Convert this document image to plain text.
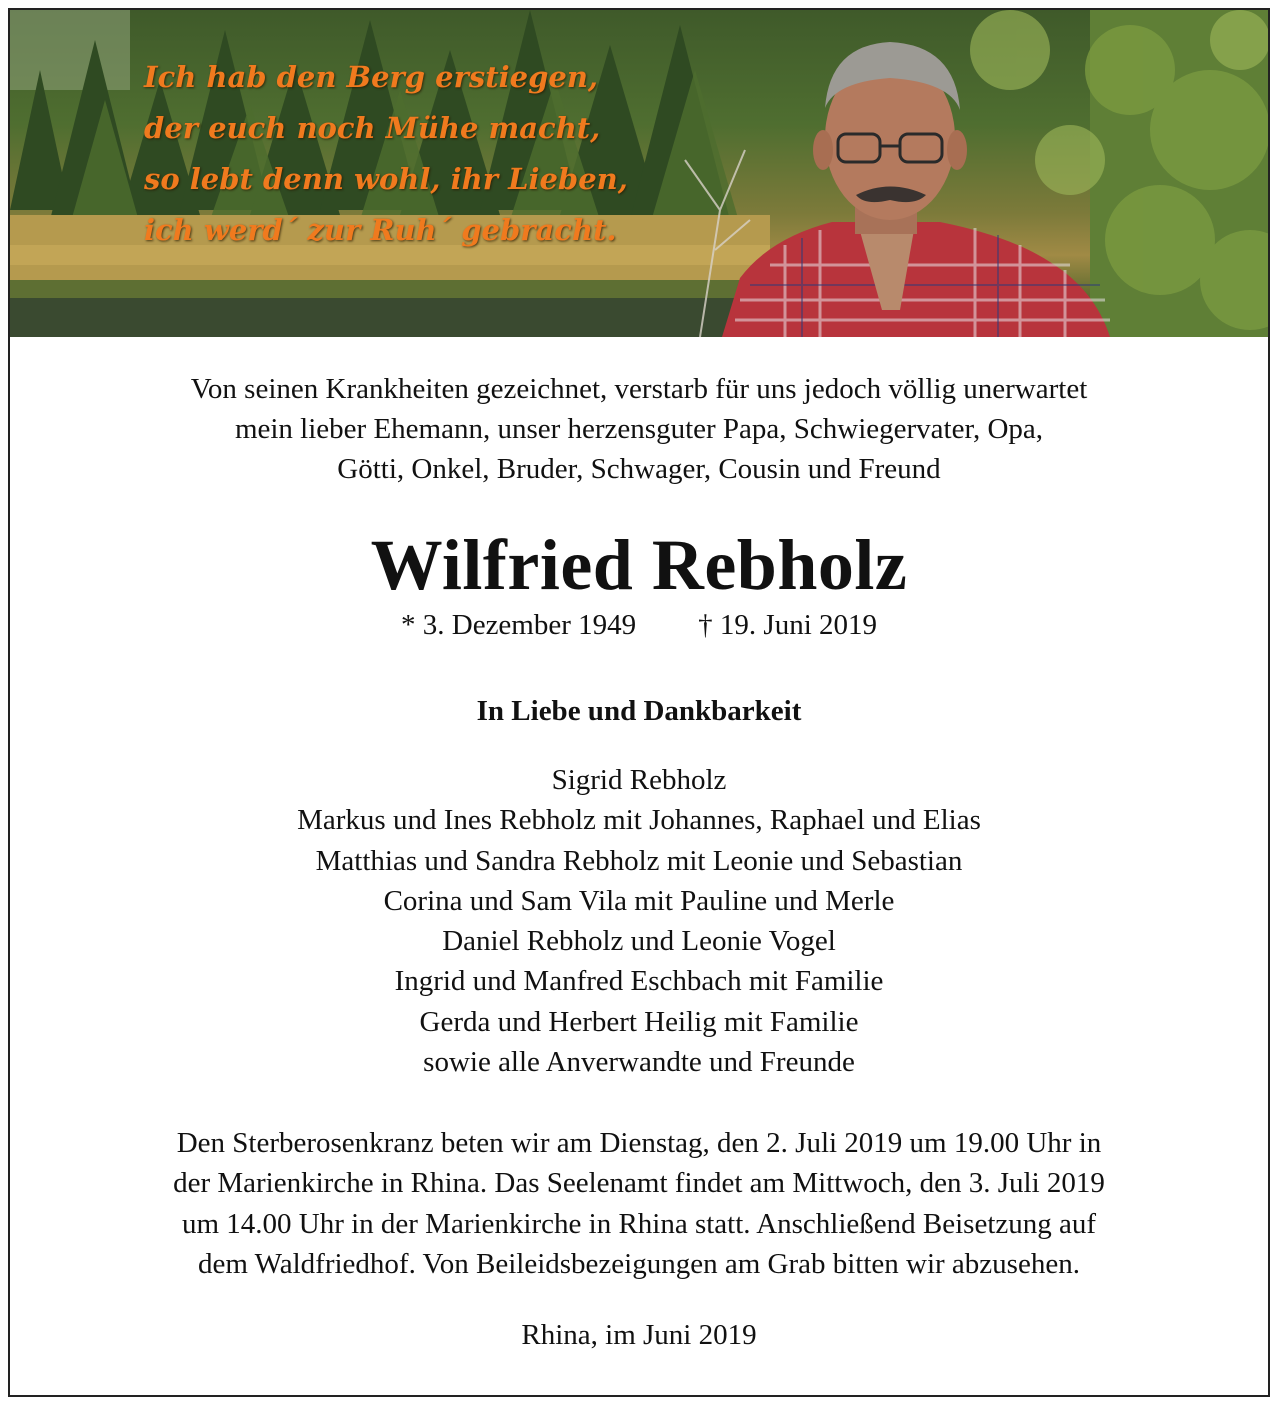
Ich hab den Berg erstiegen,
der euch noch Mühe macht,
so lebt denn wohl, ihr Lieben,
ich werd´ zur Ruh´ gebracht.
Von seinen Krankheiten gezeichnet, verstarb für uns jedoch völlig unerwartet
mein lieber Ehemann, unser herzensguter Papa, Schwiegervater, Opa,
Götti, Onkel, Bruder, Schwager, Cousin und Freund
Wilfried Rebholz
* 3. Dezember 1949 † 19. Juni 2019
In Liebe und Dankbarkeit
Sigrid Rebholz
Markus und Ines Rebholz mit Johannes, Raphael und Elias
Matthias und Sandra Rebholz mit Leonie und Sebastian
Corina und Sam Vila mit Pauline und Merle
Daniel Rebholz und Leonie Vogel
Ingrid und Manfred Eschbach mit Familie
Gerda und Herbert Heilig mit Familie
sowie alle Anverwandte und Freunde
Den Sterberosenkranz beten wir am Dienstag, den 2. Juli 2019 um 19.00 Uhr in
der Marienkirche in Rhina. Das Seelenamt findet am Mittwoch, den 3. Juli 2019
um 14.00 Uhr in der Marienkirche in Rhina statt. Anschließend Beisetzung auf
dem Waldfriedhof. Von Beileidsbezeigungen am Grab bitten wir abzusehen.
Rhina, im Juni 2019
